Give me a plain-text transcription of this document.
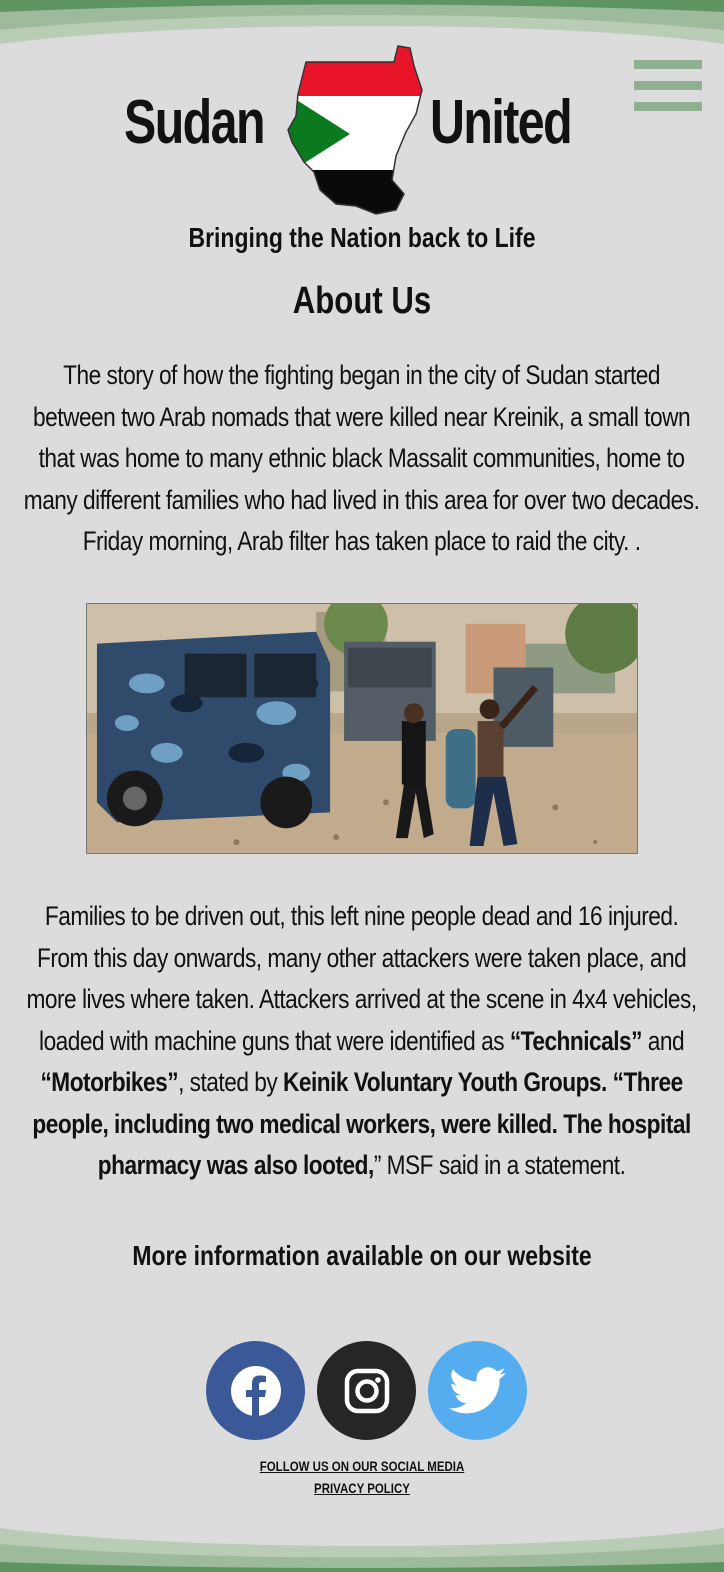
Sudan	United
Bringing the Nation back to Life
About Us

The story of how the fighting began in the city of Sudan started between two Arab nomads that were killed near Kreinik, a small town that was home to many ethnic black Massalit communities, home to many different families who had lived in this area for over two decades. Friday morning, Arab filter has taken place to raid the city. .

Families to be driven out, this left nine people dead and 16 injured. From this day onwards, many other attackers were taken place, and more lives where taken. Attackers arrived at the scene in 4x4 vehicles, loaded with machine guns that were identified as “Technicals” and “Motorbikes”, stated by Keinik Voluntary Youth Groups. “Three people, including two medical workers, were killed. The hospital pharmacy was also looted,” MSF said in a statement.

More information available on our website
FOLLOW US ON OUR SOCIAL MEDIA
PRIVACY POLICY
